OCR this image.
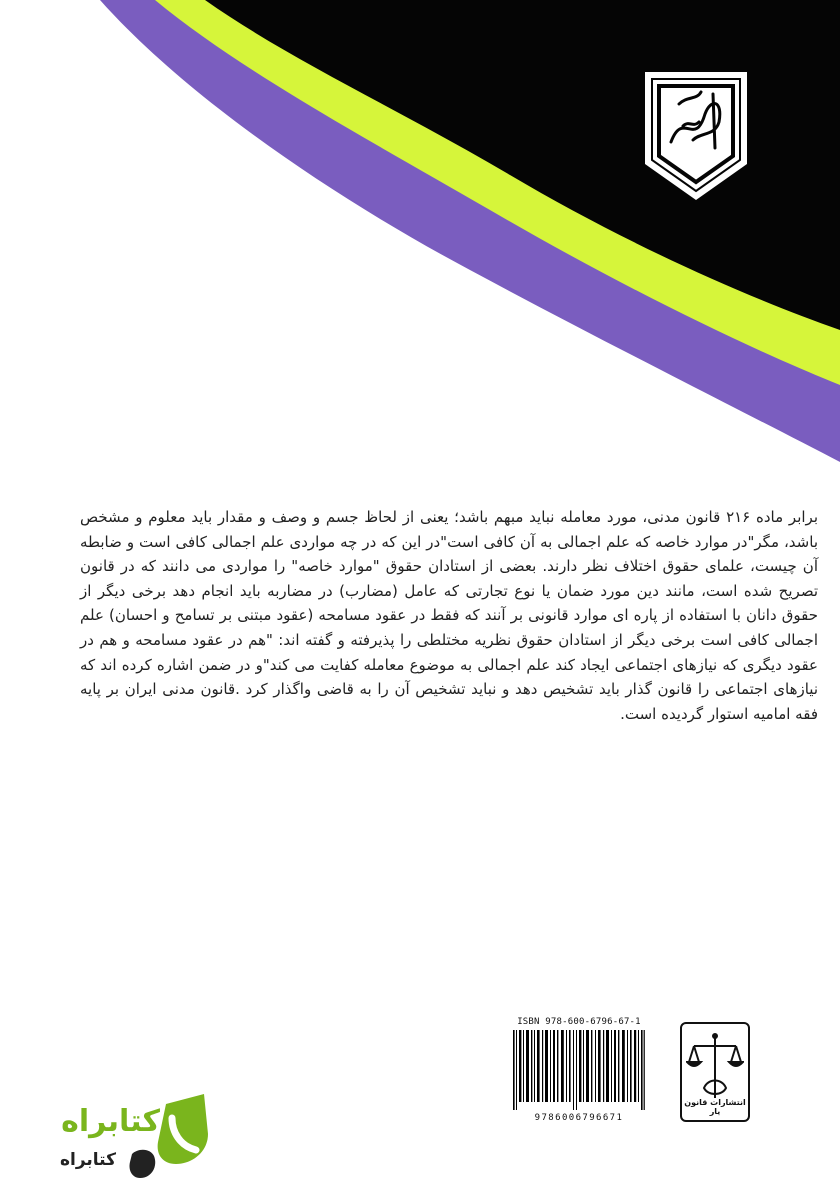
برابر ماده ۲۱۶ قانون مدنی، مورد معامله نباید مبهم باشد؛ یعنی از لحاظ جسم و وصف و مقدار باید معلوم و مشخص باشد، مگر"در موارد خاصه که علم اجمالی به آن کافی است"در این که در چه مواردی علم اجمالی کافی است و ضابطه آن چیست، علمای حقوق اختلاف نظر دارند. بعضی از استادان حقوق "موارد خاصه" را مواردی می دانند که در قانون تصریح شده است، مانند دین مورد ضمان یا نوع تجارتی که عامل (مضارب) در مضاربه باید انجام دهد برخی دیگر از حقوق دانان با استفاده از پاره ای موارد قانونی بر آنند که فقط در عقود مسامحه (عقود مبتنی بر تسامح و احسان) علم اجمالی کافی است برخی دیگر از استادان حقوق نظریه مختلطی را پذیرفته و گفته اند: "هم در عقود مسامحه و هم در عقود دیگری که نیازهای اجتماعی ایجاد کند علم اجمالی به موضوع معامله کفایت می کند"و در ضمن اشاره کرده اند که نیازهای اجتماعی را قانون گذار باید تشخیص دهد و نباید تشخیص آن را به قاضی واگذار کرد .قانون مدنی ایران بر پایه فقه امامیه استوار گردیده است.

ISBN 978-600-6796-67-1
9786006796671
انتشارات قانون یار
کتابراه
کتابراه
